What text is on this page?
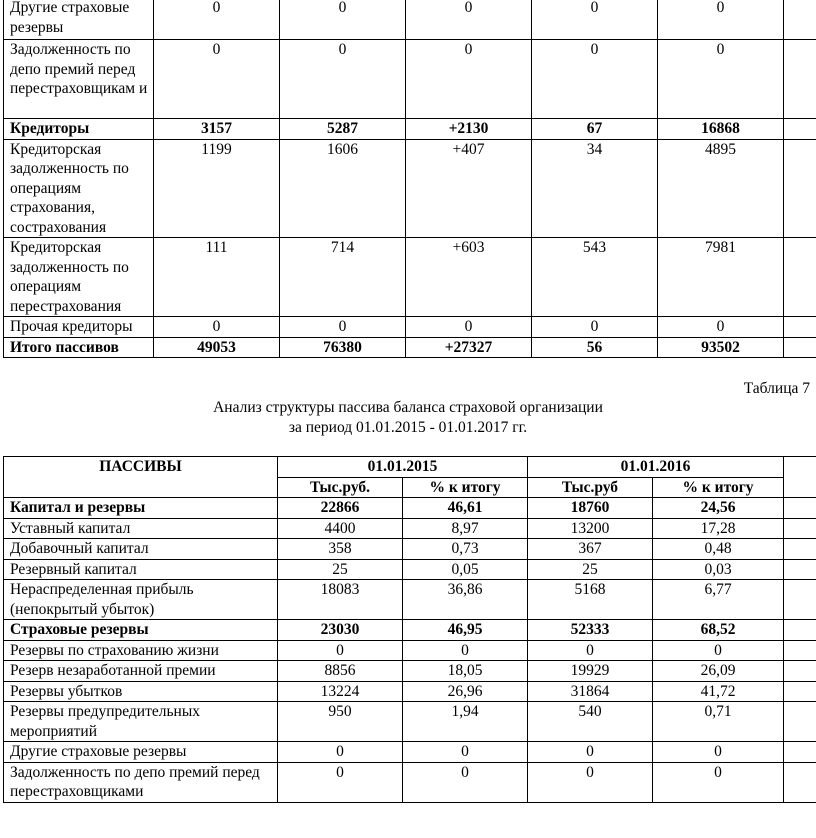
Другие страховые резервы	0	0	0	0	0	
Задолженность по депо премий перед перестраховщикам и	0	0	0	0	0	
Кредиторы	3157	5287	+2130	67	16868	
Кредиторская задолженность по операциям страхования, сострахования	1199	1606	+407	34	4895	
Кредиторская задолженность по операциям перестрахования	111	714	+603	543	7981	
Прочая кредиторы	0	0	0	0	0	
Итого пассивов	49053	76380	+27327	56	93502	
Таблица 7
Анализ структуры пассива баланса страховой организации
за период 01.01.2015 - 01.01.2017 гг.
ПАССИВЫ	01.01.2015		01.01.2016		
	Тыс.руб.	% к итогу	Тыс.руб	% к итогу	
Капитал и резервы	22866	46,61	18760	24,56	
Уставный капитал	4400	8,97	13200	17,28	
Добавочный капитал	358	0,73	367	0,48	
Резервный капитал	25	0,05	25	0,03	
Нераспределенная прибыль (непокрытый убыток)	18083	36,86	5168	6,77	
Страховые резервы	23030	46,95	52333	68,52	
Резервы по страхованию жизни	0	0	0	0	
Резерв незаработанной премии	8856	18,05	19929	26,09	
Резервы убытков	13224	26,96	31864	41,72	
Резервы предупредительных мероприятий	950	1,94	540	0,71	
Другие страховые резервы	0	0	0	0	
Задолженность по депо премий перед перестраховщиками	0	0	0	0	
